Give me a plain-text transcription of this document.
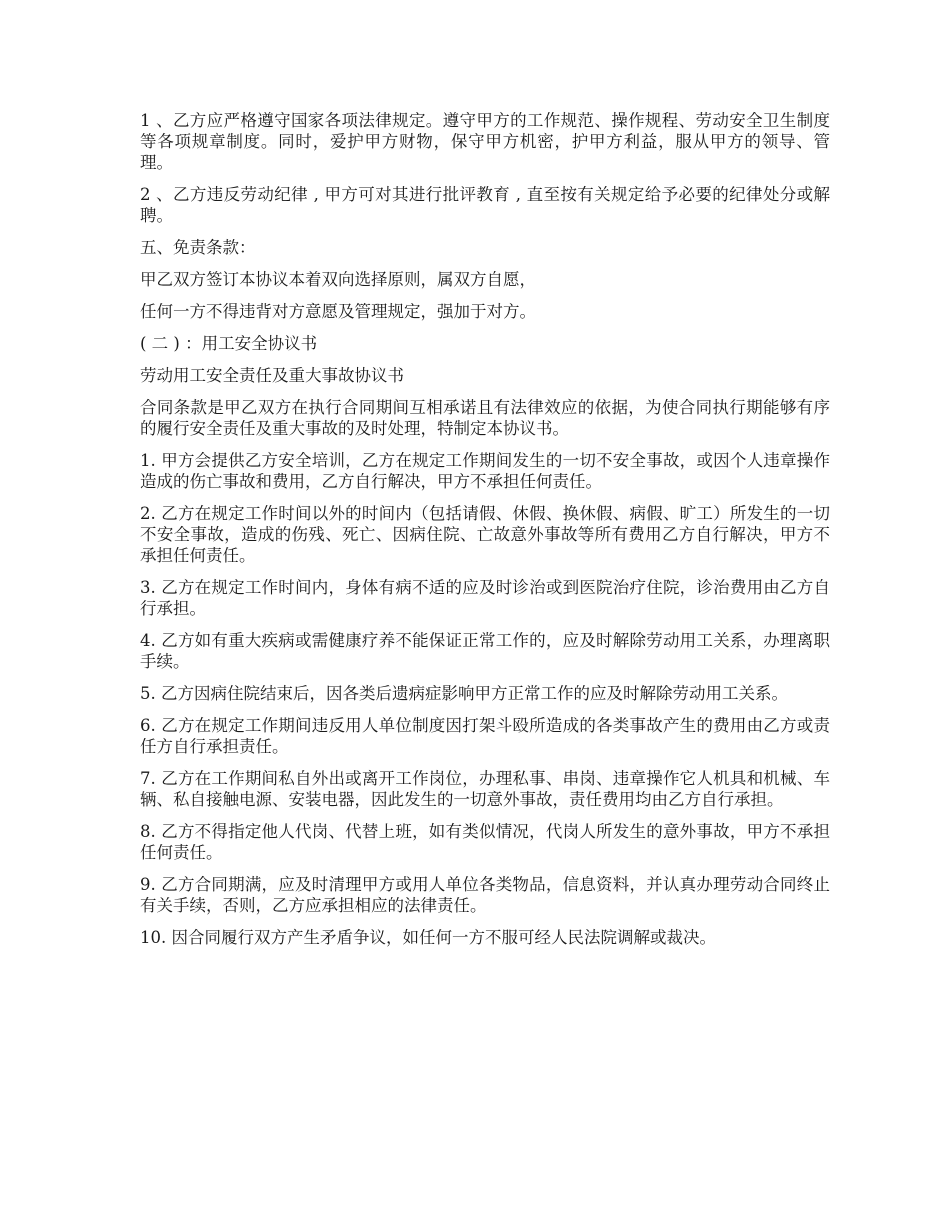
1 、乙方应严格遵守国家各项法律规定。遵守甲方的工作规范、操作规程、劳动安全卫生制度等各项规章制度。同时，爱护甲方财物，保守甲方机密，护甲方利益，服从甲方的领导、管理。

2 、乙方违反劳动纪律 , 甲方可对其进行批评教育 , 直至按有关规定给予必要的纪律处分或解聘。

五、免责条款：

甲乙双方签订本协议本着双向选择原则，属双方自愿，

任何一方不得违背对方意愿及管理规定，强加于对方。

( 二 ) ：用工安全协议书

劳动用工安全责任及重大事故协议书

合同条款是甲乙双方在执行合同期间互相承诺且有法律效应的依据，为使合同执行期能够有序的履行安全责任及重大事故的及时处理，特制定本协议书。

1. 甲方会提供乙方安全培训，乙方在规定工作期间发生的一切不安全事故，或因个人违章操作造成的伤亡事故和费用，乙方自行解决，甲方不承担任何责任。

2. 乙方在规定工作时间以外的时间内（包括请假、休假、换休假、病假、旷工）所发生的一切不安全事故，造成的伤残、死亡、因病住院、亡故意外事故等所有费用乙方自行解决，甲方不承担任何责任。

3. 乙方在规定工作时间内，身体有病不适的应及时诊治或到医院治疗住院，诊治费用由乙方自行承担。

4. 乙方如有重大疾病或需健康疗养不能保证正常工作的，应及时解除劳动用工关系，办理离职手续。

5. 乙方因病住院结束后，因各类后遗病症影响甲方正常工作的应及时解除劳动用工关系。

6. 乙方在规定工作期间违反用人单位制度因打架斗殴所造成的各类事故产生的费用由乙方或责任方自行承担责任。

7. 乙方在工作期间私自外出或离开工作岗位，办理私事、串岗、违章操作它人机具和机械、车辆、私自接触电源、安装电器，因此发生的一切意外事故，责任费用均由乙方自行承担。

8. 乙方不得指定他人代岗、代替上班，如有类似情况，代岗人所发生的意外事故，甲方不承担任何责任。

9. 乙方合同期满，应及时清理甲方或用人单位各类物品，信息资料，并认真办理劳动合同终止有关手续，否则，乙方应承担相应的法律责任。

10. 因合同履行双方产生矛盾争议，如任何一方不服可经人民法院调解或裁决。
